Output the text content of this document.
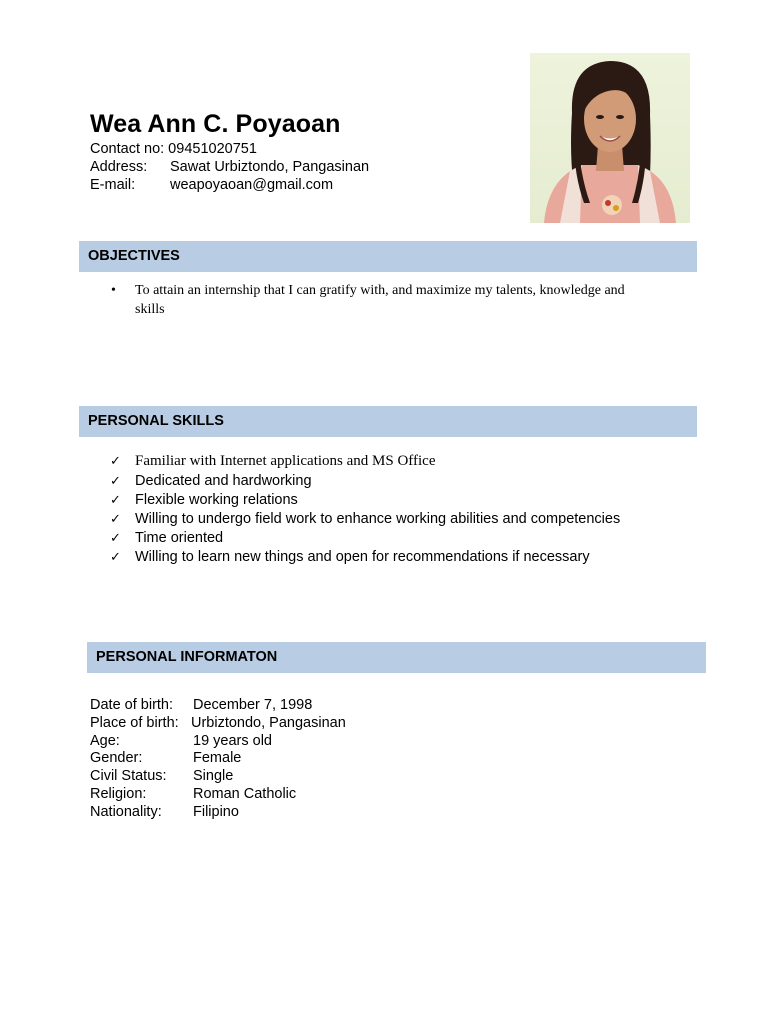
Wea Ann C. Poyaoan
Contact no: 09451020751
Address: Sawat Urbiztondo, Pangasinan
E-mail: weapoyaoan@gmail.com
OBJECTIVES
• To attain an internship that I can gratify with, and maximize my talents, knowledge and
skills
PERSONAL SKILLS
✓ Familiar with Internet applications and MS Office
✓ Dedicated and hardworking
✓ Flexible working relations
✓ Willing to undergo field work to enhance working abilities and competencies
✓ Time oriented
✓ Willing to learn new things and open for recommendations if necessary
PERSONAL INFORMATON
Date of birth: December 7, 1998
Place of birth: Urbiztondo, Pangasinan
Age:	19 years old
Gender:	Female
Civil Status: Single
Religion:	Roman Catholic
Nationality: Filipino
